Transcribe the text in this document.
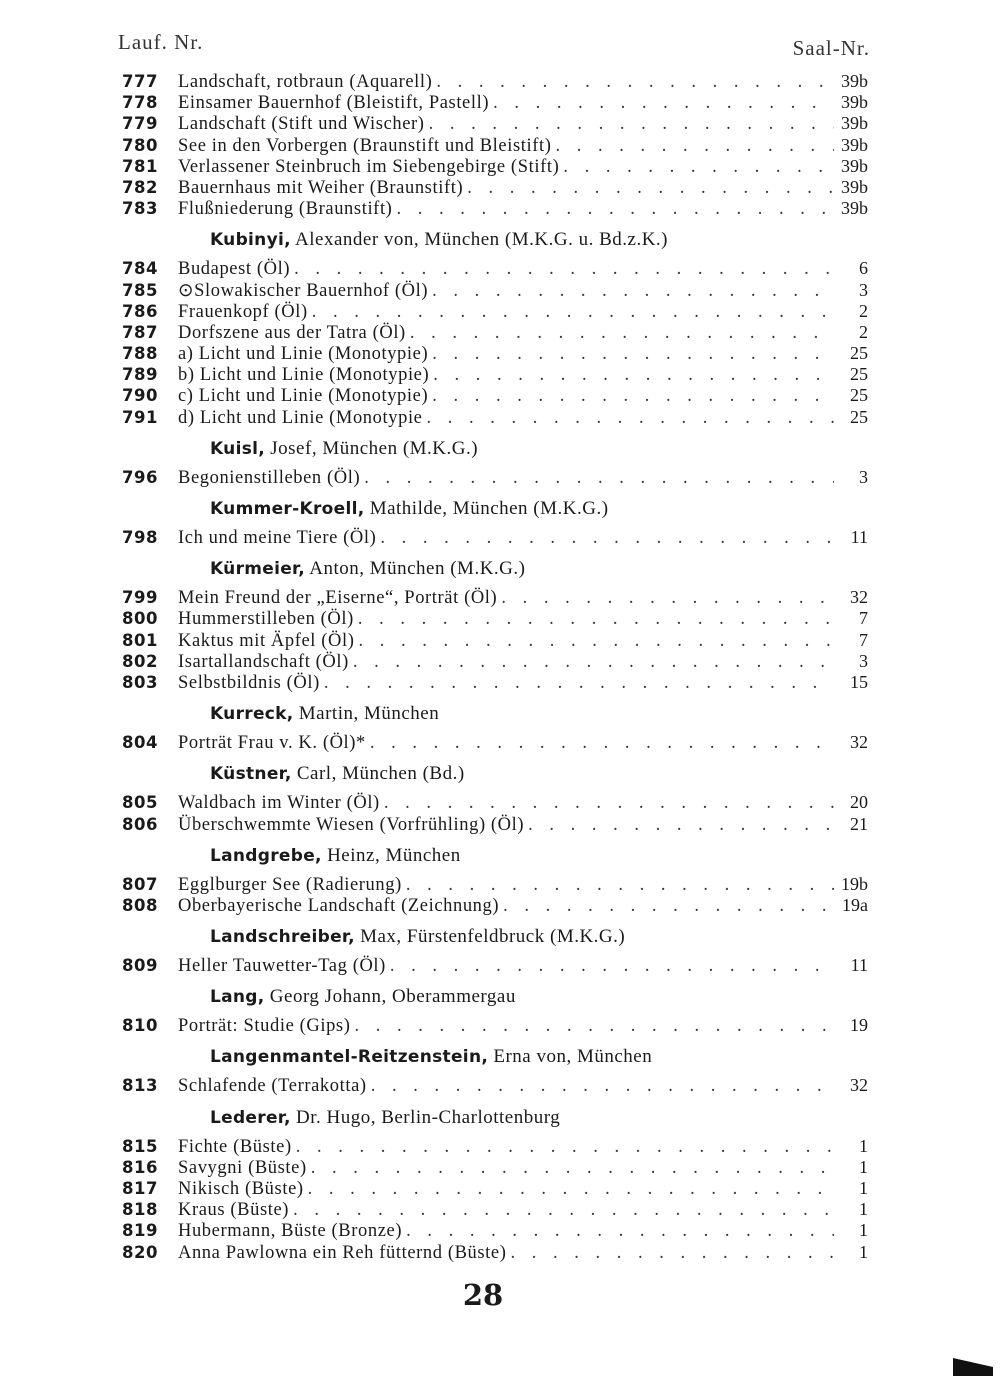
Lauf. Nr.	Saal-Nr.
777	Landschaft, rotbraun (Aquarell) . . .	39b
778	Einsamer Bauernhof (Bleistift, Pastell) . . .	39b
779	Landschaft (Stift und Wischer) . . .	39b
780	See in den Vorbergen (Braunstift und Bleistift) . . .	39b
781	Verlassener Steinbruch im Siebengebirge (Stift) . . .	39b
782	Bauernhaus mit Weiher (Braunstift) . . .	39b
783	Flußniederung (Braunstift) . . .	39b
Kubinyi, Alexander von, München (M.K.G. u. Bd.z.K.)
784	Budapest (Öl) . . .	6
785	⊙Slowakischer Bauernhof (Öl) . . .	3
786	Frauenkopf (Öl) . . .	2
787	Dorfszene aus der Tatra (Öl) . . .	2
788	a) Licht und Linie (Monotypie) . . .	25
789	b) Licht und Linie (Monotypie) . . .	25
790	c) Licht und Linie (Monotypie) . . .	25
791	d) Licht und Linie (Monotypie . . .	25
Kuisl, Josef, München (M.K.G.)
796	Begonienstilleben (Öl) . . .	3
Kummer-Kroell, Mathilde, München (M.K.G.)
798	Ich und meine Tiere (Öl) . . .	11
Kürmeier, Anton, München (M.K.G.)
799	Mein Freund der „Eiserne“, Porträt (Öl) . . .	32
800	Hummerstilleben (Öl) . . .	7
801	Kaktus mit Äpfel (Öl) . . .	7
802	Isartallandschaft (Öl) . . .	3
803	Selbstbildnis (Öl) . . .	15
Kurreck, Martin, München
804	Porträt Frau v. K. (Öl)* . . .	32
Küstner, Carl, München (Bd.)
805	Waldbach im Winter (Öl) . . .	20
806	Überschwemmte Wiesen (Vorfrühling) (Öl) . . .	21
Landgrebe, Heinz, München
807	Egglburger See (Radierung) . . .	19b
808	Oberbayerische Landschaft (Zeichnung) . . .	19a
Landschreiber, Max, Fürstenfeldbruck (M.K.G.)
809	Heller Tauwetter-Tag (Öl) . . .	11
Lang, Georg Johann, Oberammergau
810	Porträt: Studie (Gips) . . .	19
Langenmantel-Reitzenstein, Erna von, München
813	Schlafende (Terrakotta) . . .	32
Lederer, Dr. Hugo, Berlin-Charlottenburg
815	Fichte (Büste) . . .	1
816	Savygni (Büste) . . .	1
817	Nikisch (Büste) . . .	1
818	Kraus (Büste) . . .	1
819	Hubermann, Büste (Bronze) . . .	1
820	Anna Pawlowna ein Reh fütternd (Büste) . . .	1
28
